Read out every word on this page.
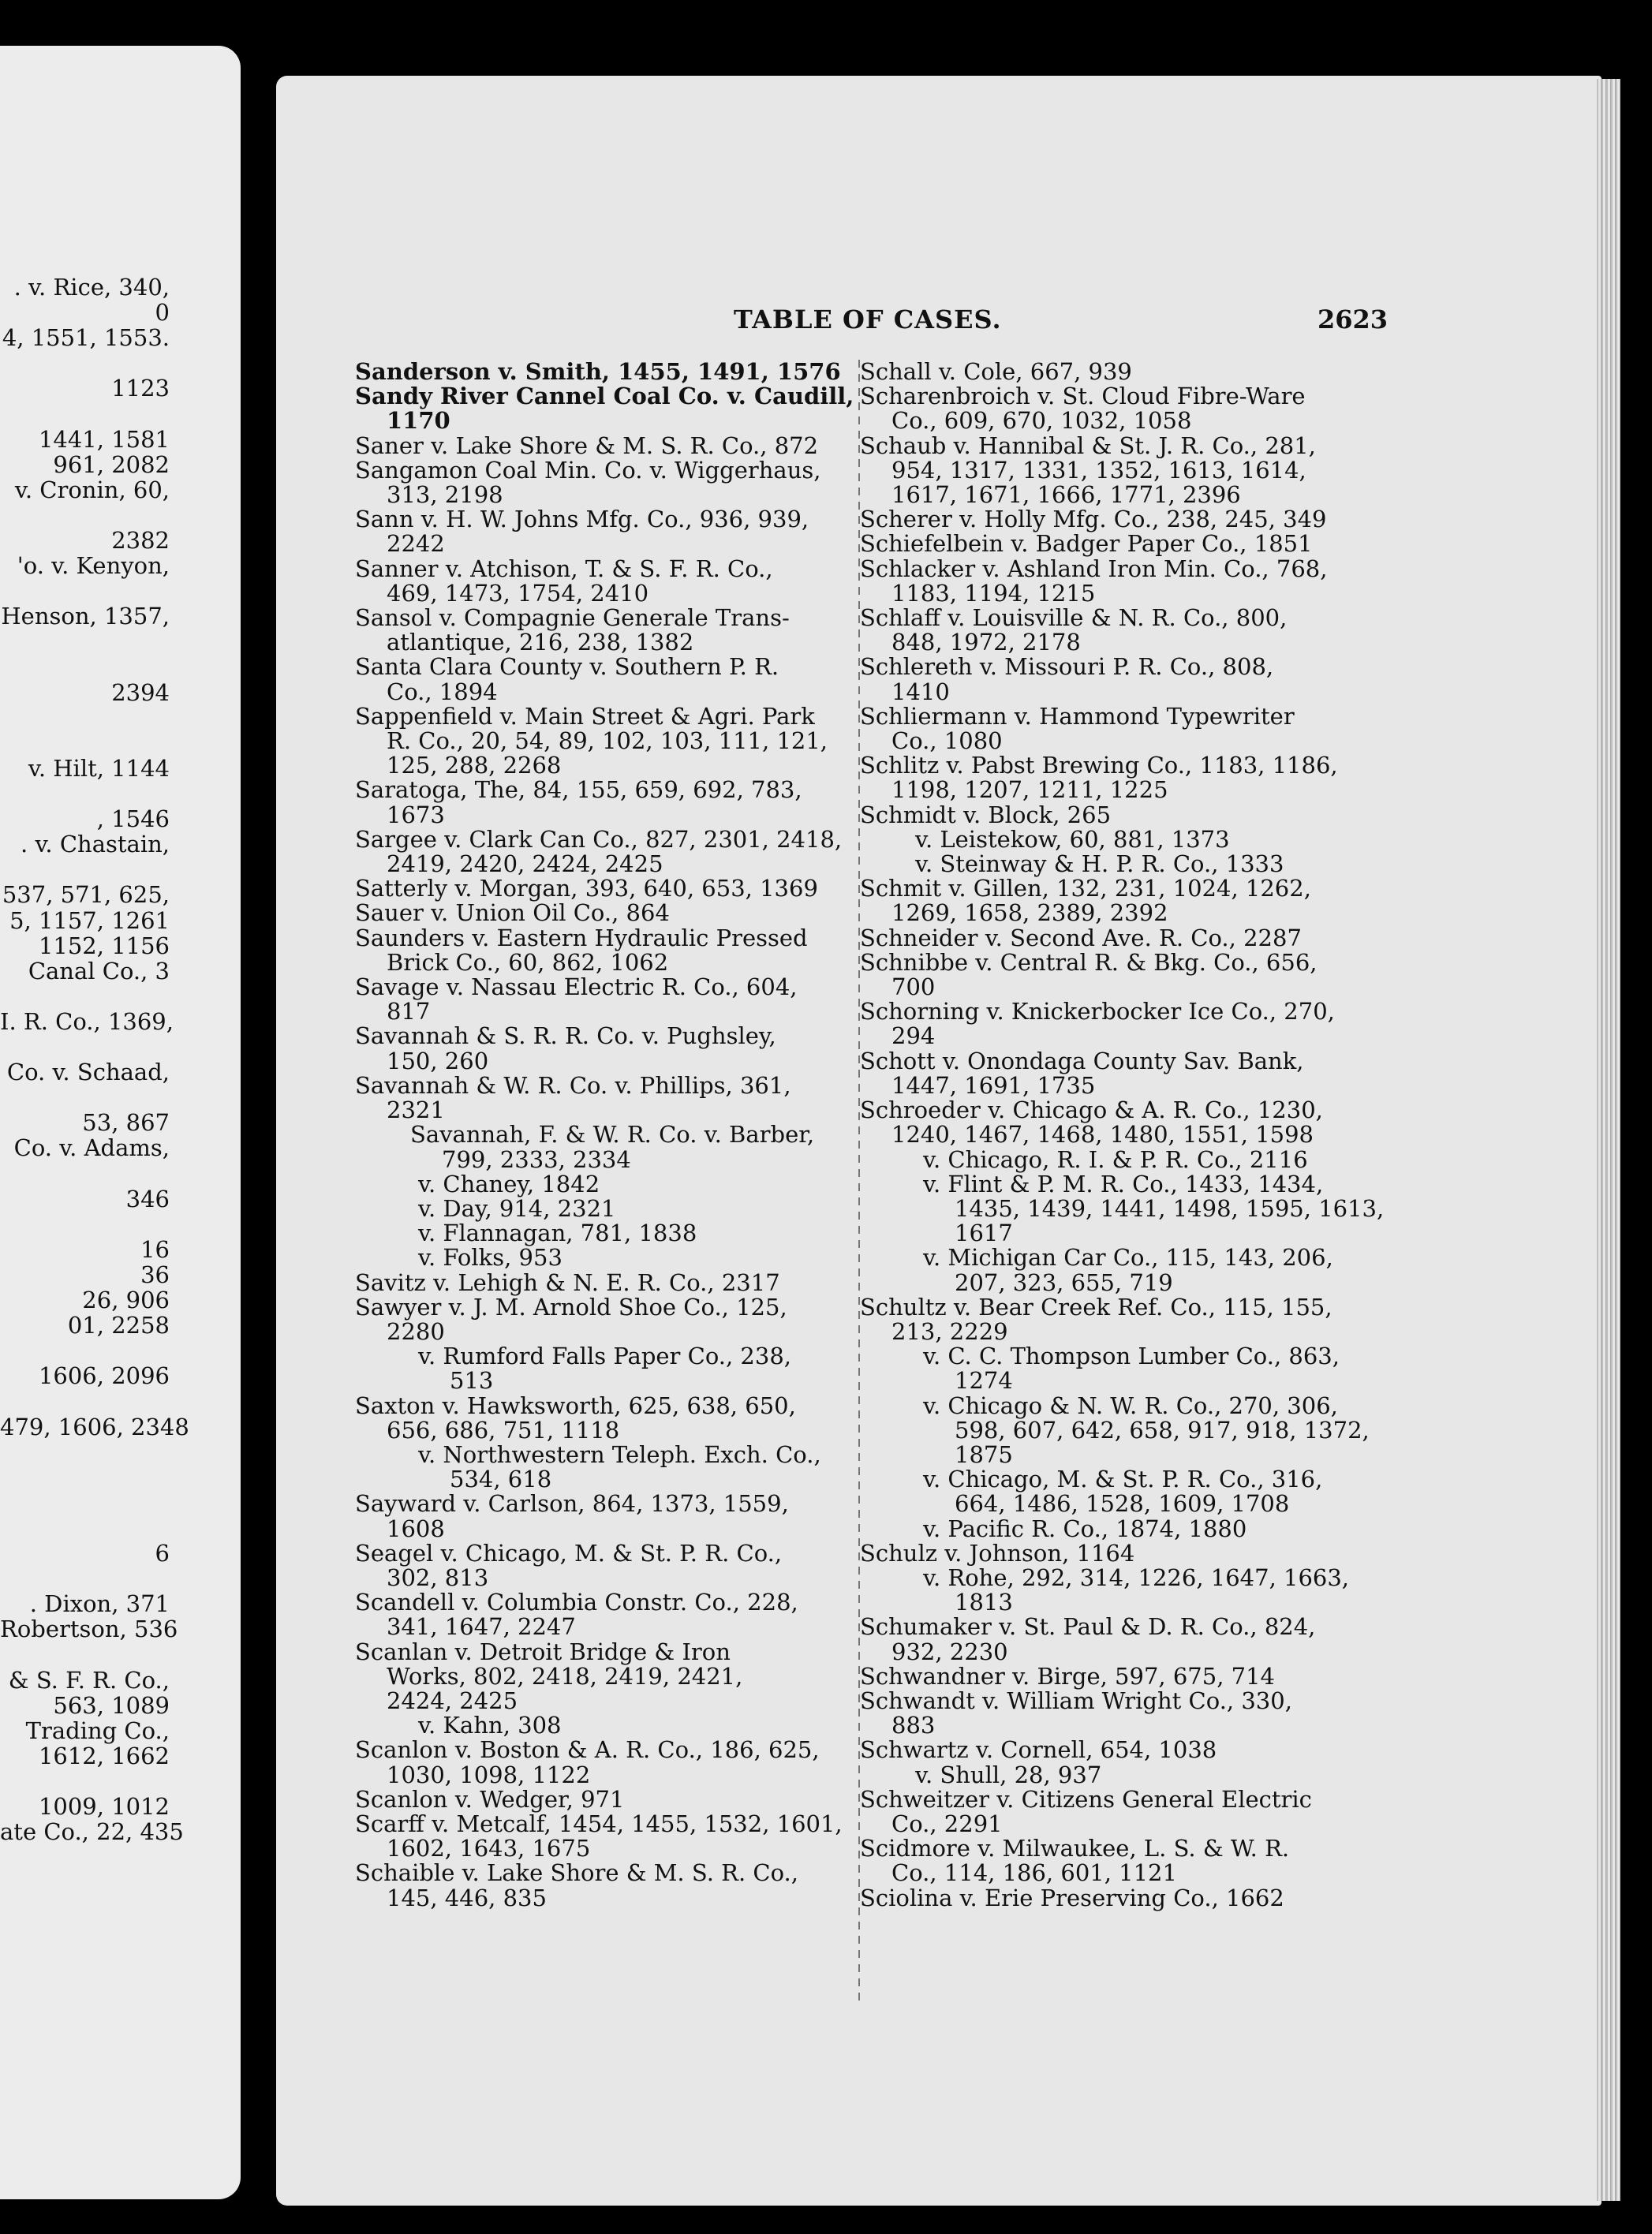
. v. Rice, 340,
0
4, 1551, 1553.
1123
1441, 1581
961, 2082
v. Cronin, 60,
2382
'o. v. Kenyon,
Henson, 1357,
2394
v. Hilt, 1144
, 1546
. v. Chastain,
537, 571, 625,
5, 1157, 1261
1152, 1156
Canal Co., 3
I. R. Co., 1369,
Co. v. Schaad,
53, 867
Co. v. Adams,
346
16
36
26, 906
01, 2258
1606, 2096
479, 1606, 2348
6
. Dixon, 371
Robertson, 536
& S. F. R. Co.,
563, 1089
Trading Co.,
1612, 1662
1009, 1012
ate Co., 22, 435
TABLE OF CASES.	2623
Sanderson v. Smith, 1455, 1491, 1576
Sandy River Cannel Coal Co. v. Caudill,
1170
Saner v. Lake Shore & M. S. R. Co., 872
Sangamon Coal Min. Co. v. Wiggerhaus,
313, 2198
Sann v. H. W. Johns Mfg. Co., 936, 939,
2242
Sanner v. Atchison, T. & S. F. R. Co.,
469, 1473, 1754, 2410
Sansol v. Compagnie Generale Trans-
atlantique, 216, 238, 1382
Santa Clara County v. Southern P. R.
Co., 1894
Sappenfield v. Main Street & Agri. Park
R. Co., 20, 54, 89, 102, 103, 111, 121,
125, 288, 2268
Saratoga, The, 84, 155, 659, 692, 783,
1673
Sargee v. Clark Can Co., 827, 2301, 2418,
2419, 2420, 2424, 2425
Satterly v. Morgan, 393, 640, 653, 1369
Sauer v. Union Oil Co., 864
Saunders v. Eastern Hydraulic Pressed
Brick Co., 60, 862, 1062
Savage v. Nassau Electric R. Co., 604,
817
Savannah & S. R. R. Co. v. Pughsley,
150, 260
Savannah & W. R. Co. v. Phillips, 361,
2321
Savannah, F. & W. R. Co. v. Barber,
799, 2333, 2334
v. Chaney, 1842
v. Day, 914, 2321
v. Flannagan, 781, 1838
v. Folks, 953
Savitz v. Lehigh & N. E. R. Co., 2317
Sawyer v. J. M. Arnold Shoe Co., 125,
2280
v. Rumford Falls Paper Co., 238,
513
Saxton v. Hawksworth, 625, 638, 650,
656, 686, 751, 1118
v. Northwestern Teleph. Exch. Co.,
534, 618
Sayward v. Carlson, 864, 1373, 1559,
1608
Seagel v. Chicago, M. & St. P. R. Co.,
302, 813
Scandell v. Columbia Constr. Co., 228,
341, 1647, 2247
Scanlan v. Detroit Bridge & Iron
Works, 802, 2418, 2419, 2421,
2424, 2425
v. Kahn, 308
Scanlon v. Boston & A. R. Co., 186, 625,
1030, 1098, 1122
Scanlon v. Wedger, 971
Scarff v. Metcalf, 1454, 1455, 1532, 1601,
1602, 1643, 1675
Schaible v. Lake Shore & M. S. R. Co.,
145, 446, 835
Schall v. Cole, 667, 939
Scharenbroich v. St. Cloud Fibre-Ware
Co., 609, 670, 1032, 1058
Schaub v. Hannibal & St. J. R. Co., 281,
954, 1317, 1331, 1352, 1613, 1614,
1617, 1671, 1666, 1771, 2396
Scherer v. Holly Mfg. Co., 238, 245, 349
Schiefelbein v. Badger Paper Co., 1851
Schlacker v. Ashland Iron Min. Co., 768,
1183, 1194, 1215
Schlaff v. Louisville & N. R. Co., 800,
848, 1972, 2178
Schlereth v. Missouri P. R. Co., 808,
1410
Schliermann v. Hammond Typewriter
Co., 1080
Schlitz v. Pabst Brewing Co., 1183, 1186,
1198, 1207, 1211, 1225
Schmidt v. Block, 265
v. Leistekow, 60, 881, 1373
v. Steinway & H. P. R. Co., 1333
Schmit v. Gillen, 132, 231, 1024, 1262,
1269, 1658, 2389, 2392
Schneider v. Second Ave. R. Co., 2287
Schnibbe v. Central R. & Bkg. Co., 656,
700
Schorning v. Knickerbocker Ice Co., 270,
294
Schott v. Onondaga County Sav. Bank,
1447, 1691, 1735
Schroeder v. Chicago & A. R. Co., 1230,
1240, 1467, 1468, 1480, 1551, 1598
v. Chicago, R. I. & P. R. Co., 2116
v. Flint & P. M. R. Co., 1433, 1434,
1435, 1439, 1441, 1498, 1595, 1613,
1617
v. Michigan Car Co., 115, 143, 206,
207, 323, 655, 719
Schultz v. Bear Creek Ref. Co., 115, 155,
213, 2229
v. C. C. Thompson Lumber Co., 863,
1274
v. Chicago & N. W. R. Co., 270, 306,
598, 607, 642, 658, 917, 918, 1372,
1875
v. Chicago, M. & St. P. R. Co., 316,
664, 1486, 1528, 1609, 1708
v. Pacific R. Co., 1874, 1880
Schulz v. Johnson, 1164
v. Rohe, 292, 314, 1226, 1647, 1663,
1813
Schumaker v. St. Paul & D. R. Co., 824,
932, 2230
Schwandner v. Birge, 597, 675, 714
Schwandt v. William Wright Co., 330,
883
Schwartz v. Cornell, 654, 1038
v. Shull, 28, 937
Schweitzer v. Citizens General Electric
Co., 2291
Scidmore v. Milwaukee, L. S. & W. R.
Co., 114, 186, 601, 1121
Sciolina v. Erie Preserving Co., 1662
